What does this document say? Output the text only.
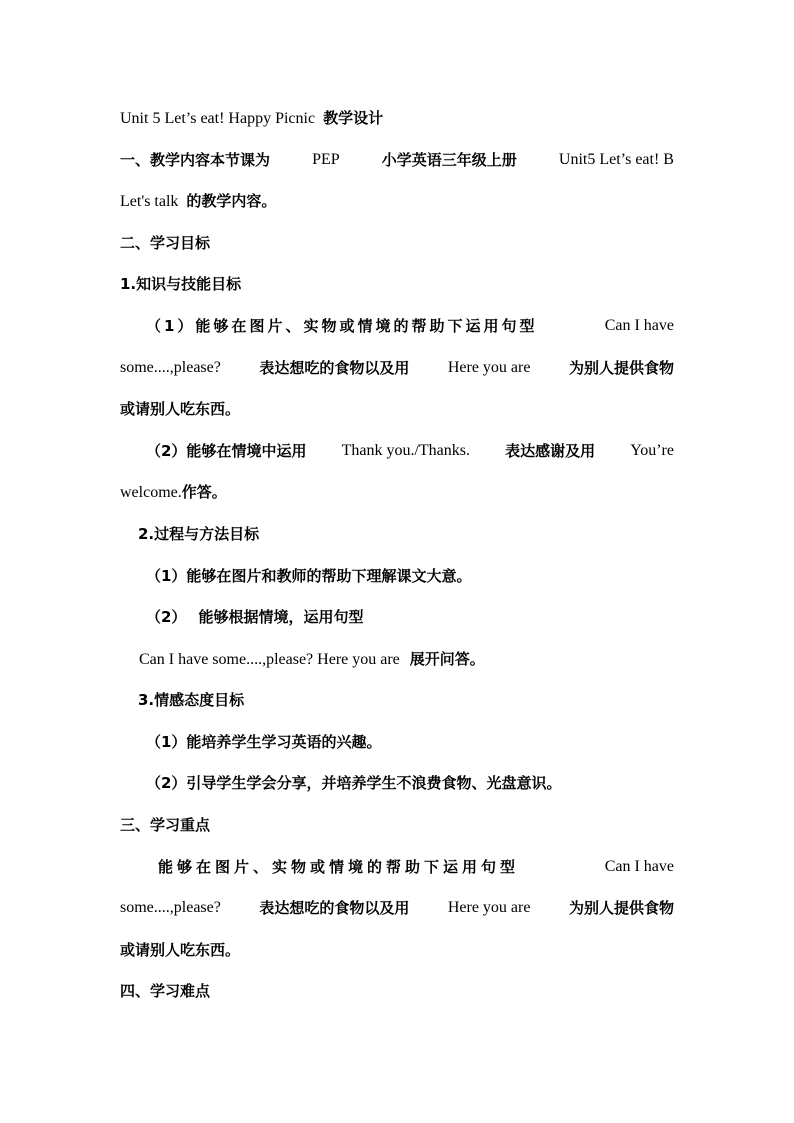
Unit 5 Let’s eat! Happy Picnic 教学设计
一、教学内容本节课为	PEP	小学英语三年级上册	Unit5 Let’s eat! B
Let's talk 的教学内容。
二、学习目标
1.知识与技能目标
（1）能够在图片、实物或情境的帮助下运用句型	Can I have
some....,please?	表达想吃的食物以及用 Here you are	为别人提供食物
或请别人吃东西。
（2）能够在情境中运用 Thank you./Thanks. 表达感谢及用 You’re
welcome.作答。
2.过程与方法目标
（1）能够在图片和教师的帮助下理解课文大意。
（2） 能够根据情境，运用句型
Can I have some....,please? Here you are 展开问答。
3.情感态度目标
（1）能培养学生学习英语的兴趣。
（2）引导学生学会分享，并培养学生不浪费食物、光盘意识。
三、学习重点
能够在图片、实物或情境的帮助下运用句型	Can I have
some....,please?	表达想吃的食物以及用 Here you are	为别人提供食物
或请别人吃东西。
四、学习难点
